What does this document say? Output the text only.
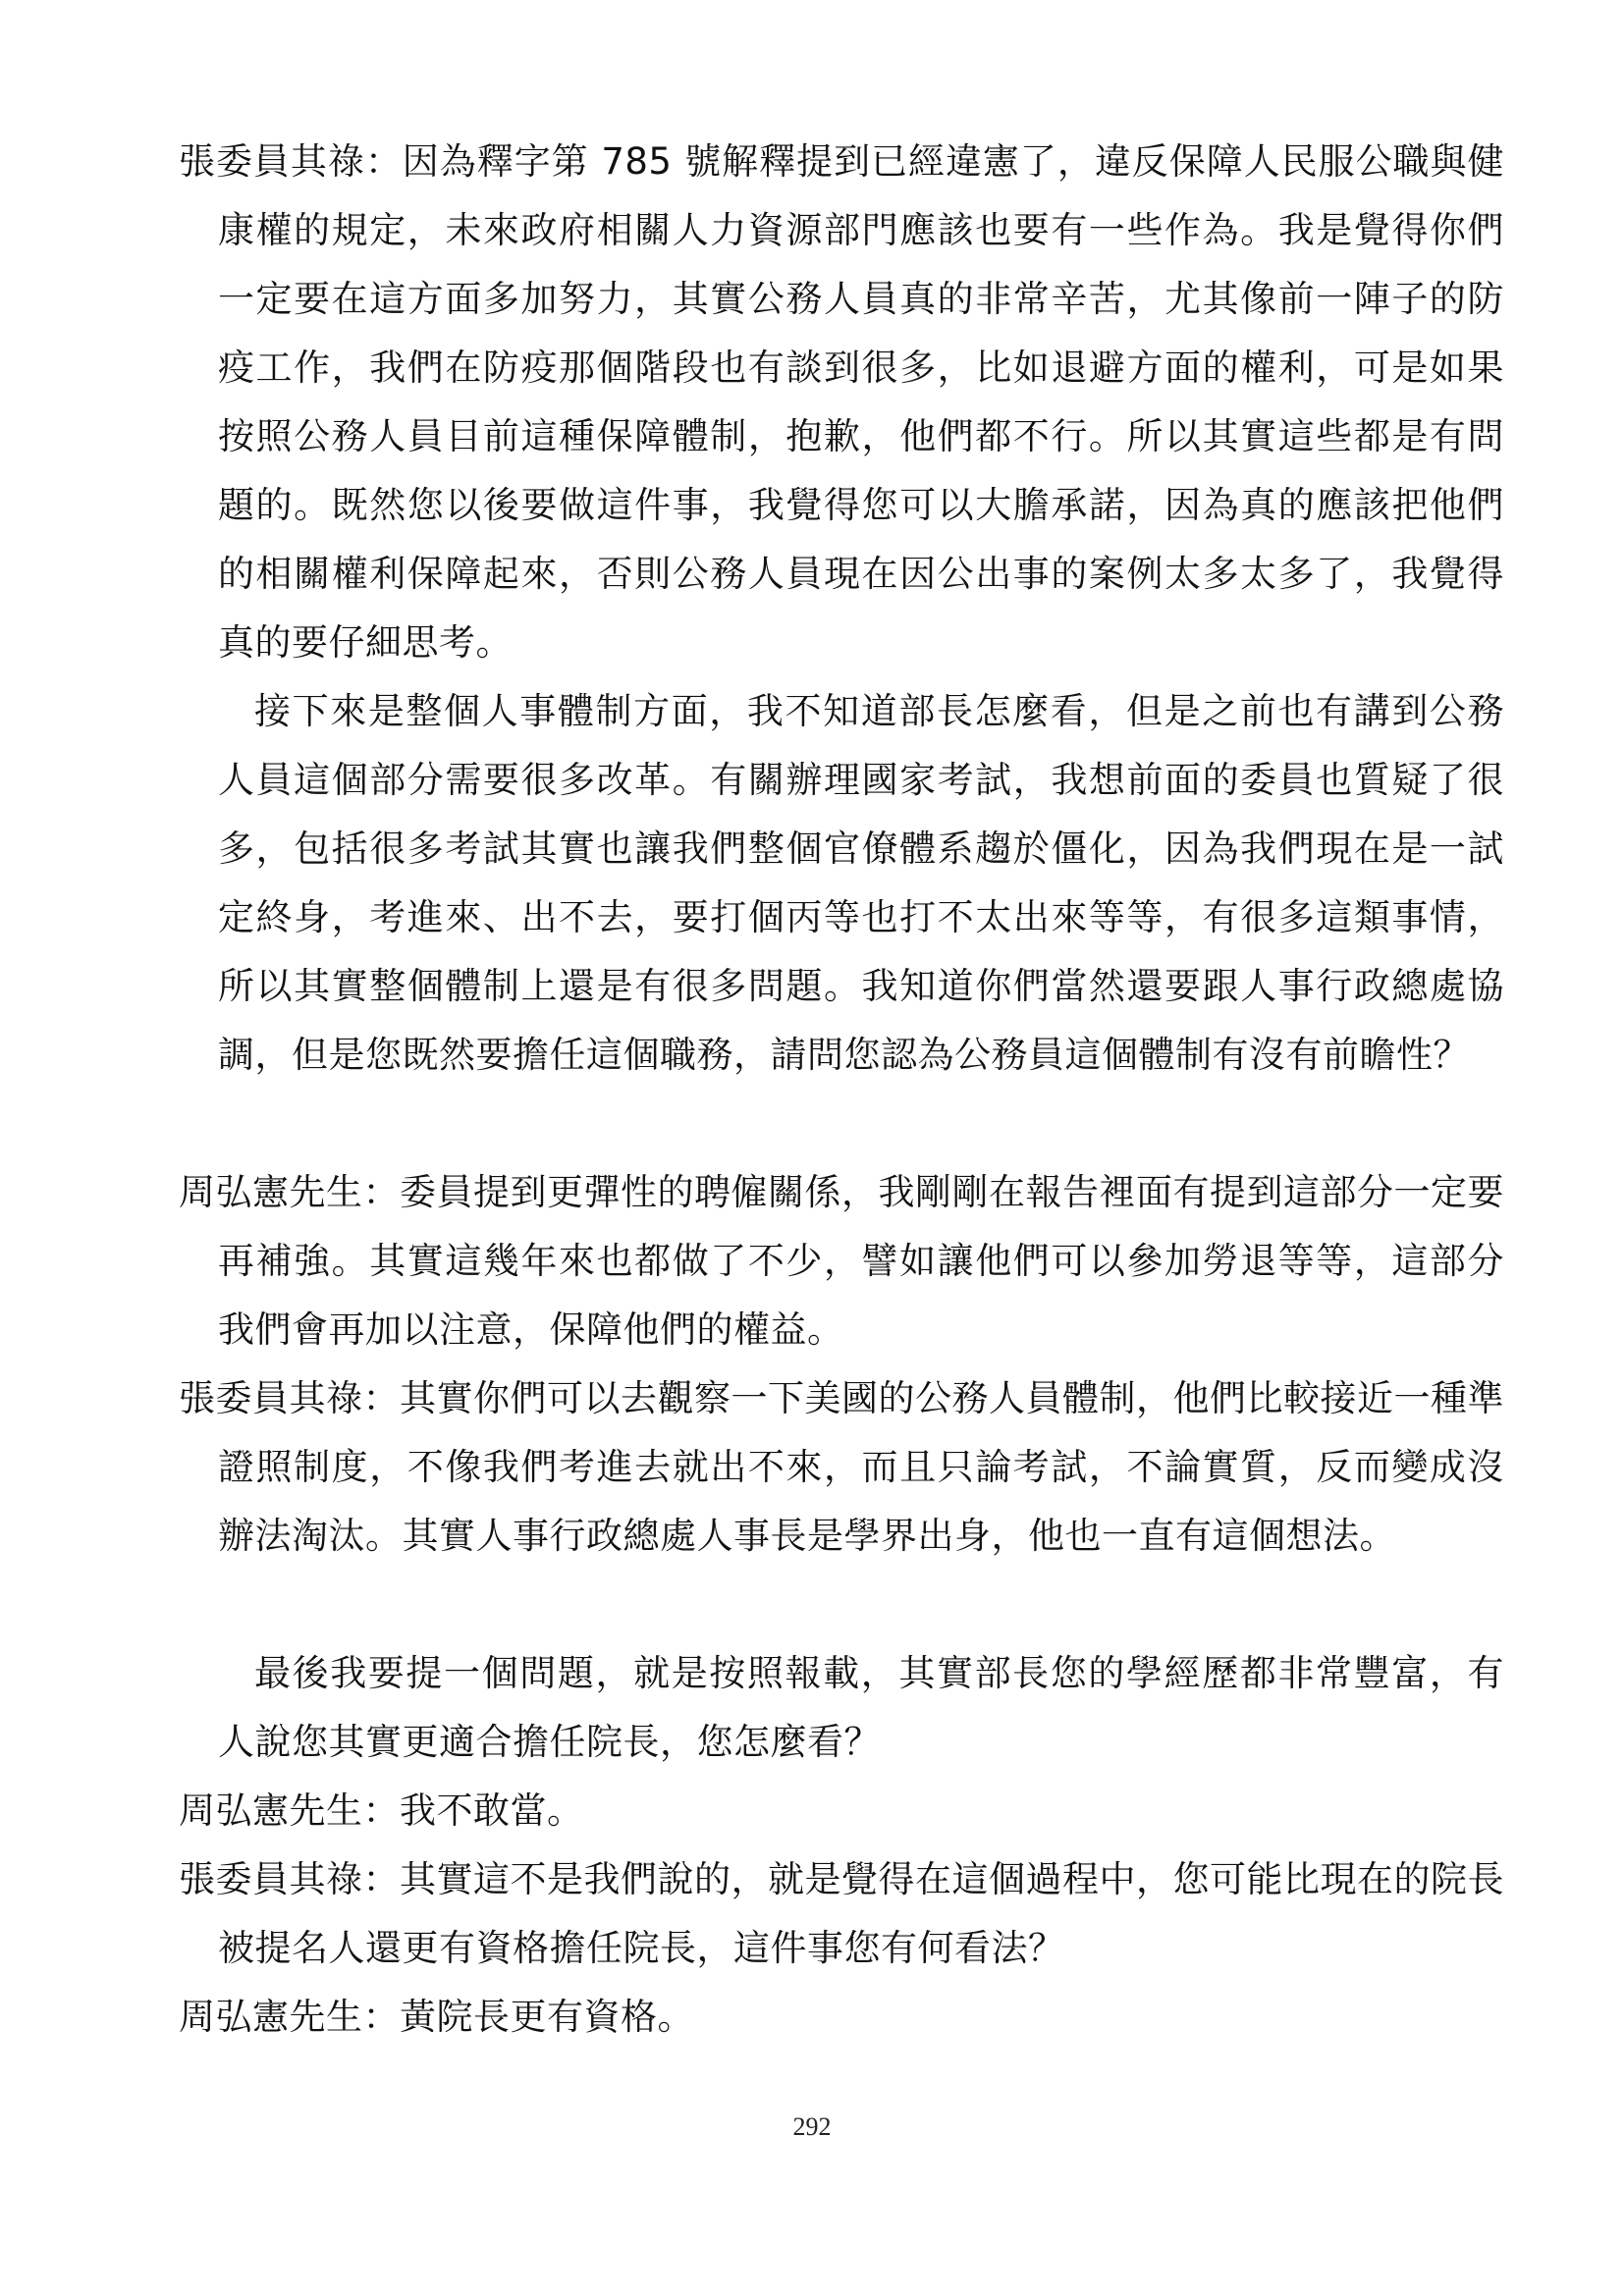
張委員其祿：因為釋字第 785 號解釋提到已經違憲了，違反保障人民服公職與健康權的規定，未來政府相關人力資源部門應該也要有一些作為。我是覺得你們一定要在這方面多加努力，其實公務人員真的非常辛苦，尤其像前一陣子的防疫工作，我們在防疫那個階段也有談到很多，比如退避方面的權利，可是如果按照公務人員目前這種保障體制，抱歉，他們都不行。所以其實這些都是有問題的。既然您以後要做這件事，我覺得您可以大膽承諾，因為真的應該把他們的相關權利保障起來，否則公務人員現在因公出事的案例太多太多了，我覺得真的要仔細思考。

接下來是整個人事體制方面，我不知道部長怎麼看，但是之前也有講到公務人員這個部分需要很多改革。有關辦理國家考試，我想前面的委員也質疑了很多，包括很多考試其實也讓我們整個官僚體系趨於僵化，因為我們現在是一試定終身，考進來、出不去，要打個丙等也打不太出來等等，有很多這類事情，所以其實整個體制上還是有很多問題。我知道你們當然還要跟人事行政總處協調，但是您既然要擔任這個職務，請問您認為公務員這個體制有沒有前瞻性？

周弘憲先生：委員提到更彈性的聘僱關係，我剛剛在報告裡面有提到這部分一定要再補強。其實這幾年來也都做了不少，譬如讓他們可以參加勞退等等，這部分我們會再加以注意，保障他們的權益。

張委員其祿：其實你們可以去觀察一下美國的公務人員體制，他們比較接近一種準證照制度，不像我們考進去就出不來，而且只論考試，不論實質，反而變成沒辦法淘汰。其實人事行政總處人事長是學界出身，他也一直有這個想法。

最後我要提一個問題，就是按照報載，其實部長您的學經歷都非常豐富，有人說您其實更適合擔任院長，您怎麼看？

周弘憲先生：我不敢當。

張委員其祿：其實這不是我們說的，就是覺得在這個過程中，您可能比現在的院長被提名人還更有資格擔任院長，這件事您有何看法？

周弘憲先生：黃院長更有資格。

292
